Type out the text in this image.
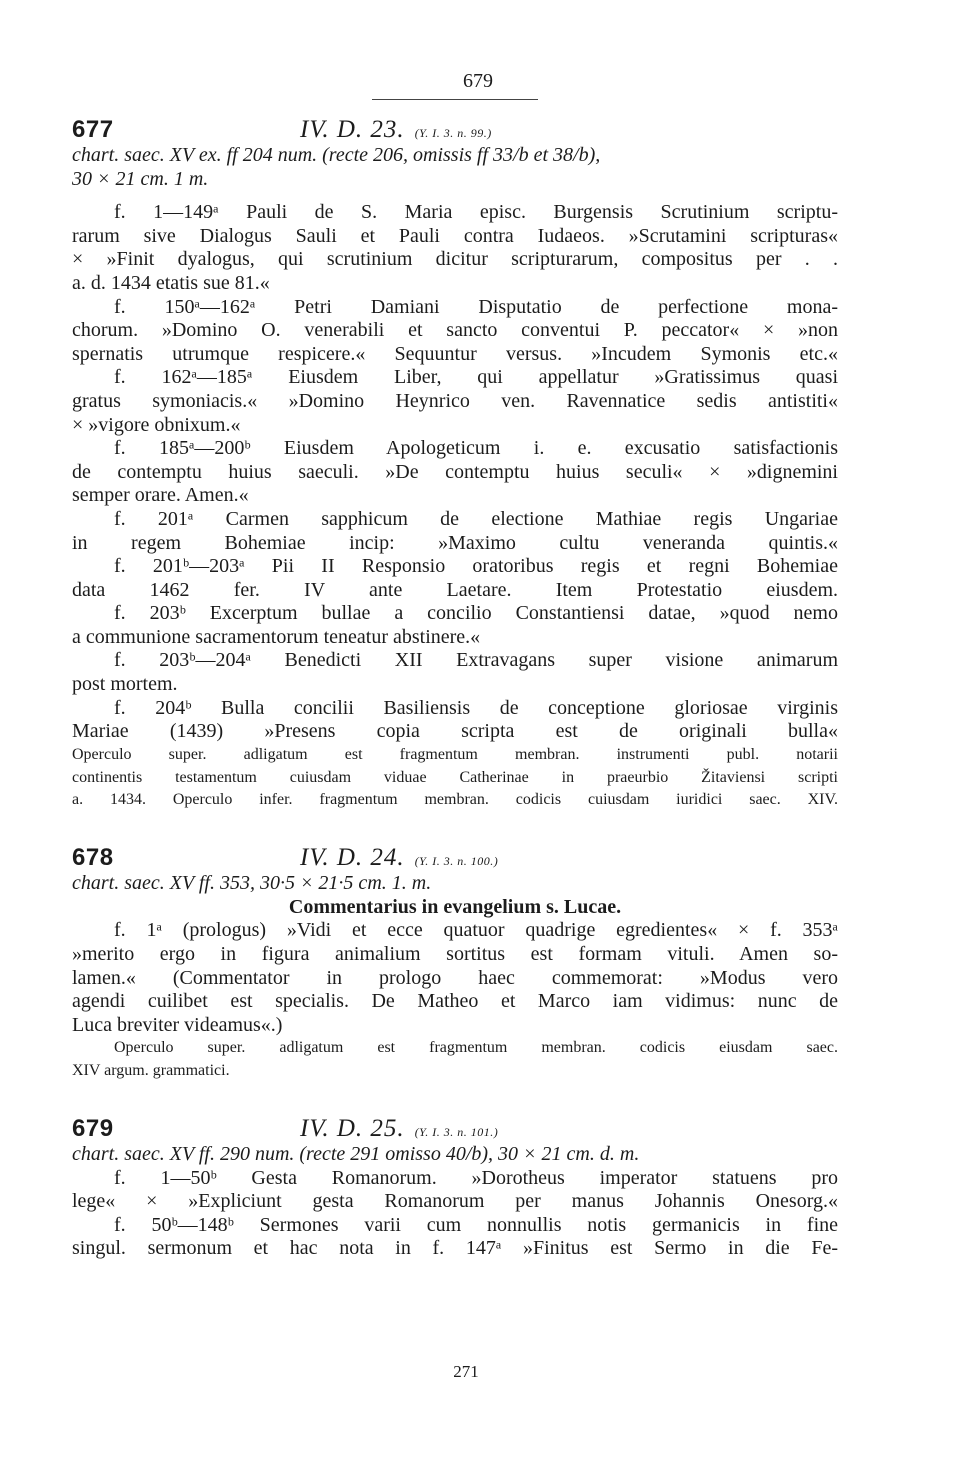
679
677	IV. D. 23. (Y. I. 3. n. 99.)

chart. saec. XV ex. ff 204 num. (recte 206, omissis ff 33/b et 38/b),

30 × 21 cm. 1 m.

f. 1—149ᵃ Pauli de S. Maria episc. Burgensis Scrutinium scriptu-

rarum sive Dialogus Sauli et Pauli contra Iudaeos. »Scrutamini scripturas«

× »Finit dyalogus, qui scrutinium dicitur scripturarum, compositus per . .

a. d. 1434 etatis sue 81.«

f. 150ᵃ—162ᵃ Petri Damiani Disputatio de perfectione mona-

chorum. »Domino O. venerabili et sancto conventui P. peccator« × »non

spernatis utrumque respicere.« Sequuntur versus. »Incudem Symonis etc.«

f. 162ᵃ—185ᵃ Eiusdem Liber, qui appellatur »Gratissimus quasi

gratus symoniacis.« »Domino Heynrico ven. Ravennatice sedis antistiti«

× »vigore obnixum.«

f. 185ᵃ—200ᵇ Eiusdem Apologeticum i. e. excusatio satisfactionis

de contemptu huius saeculi. »De contemptu huius seculi« × »dignemini

semper orare. Amen.«

f. 201ᵃ Carmen sapphicum de electione Mathiae regis Ungariae

in regem Bohemiae incip: »Maximo cultu veneranda quintis.«

f. 201ᵇ—203ᵃ Pii II Responsio oratoribus regis et regni Bohemiae

data 1462 fer. IV ante Laetare. Item Protestatio eiusdem.

f. 203ᵇ Excerptum bullae a concilio Constantiensi datae, »quod nemo

a communione sacramentorum teneatur abstinere.«

f. 203ᵇ—204ᵃ Benedicti XII Extravagans super visione animarum

post mortem.

f. 204ᵇ Bulla concilii Basiliensis de conceptione gloriosae virginis

Mariae (1439) »Presens copia scripta est de originali bulla«

Operculo super. adligatum est fragmentum membran. instrumenti publ. notarii

continentis testamentum cuiusdam viduae Catherinae in praeurbio Žitaviensi scripti

a. 1434. Operculo infer. fragmentum membran. codicis cuiusdam iuridici saec. XIV.

678	IV. D. 24. (Y. I. 3. n. 100.)

chart. saec. XV ff. 353, 30·5 × 21·5 cm. 1. m.

Commentarius in evangelium s. Lucae.

f. 1ᵃ (prologus) »Vidi et ecce quatuor quadrige egredientes« × f. 353ᵃ

»merito ergo in figura animalium sortitus est formam vituli. Amen so-

lamen.« (Commentator in prologo haec commemorat: »Modus vero

agendi cuilibet est specialis. De Matheo et Marco iam vidimus: nunc de

Luca breviter videamus«.)

Operculo super. adligatum est fragmentum membran. codicis eiusdam saec.

XIV argum. grammatici.

679	IV. D. 25. (Y. I. 3. n. 101.)

chart. saec. XV ff. 290 num. (recte 291 omisso 40/b), 30 × 21 cm. d. m.

f. 1—50ᵇ Gesta Romanorum. »Dorotheus imperator statuens pro

lege« × »Expliciunt gesta Romanorum per manus Johannis Onesorg.«

f. 50ᵇ—148ᵇ Sermones varii cum nonnullis notis germanicis in fine

singul. sermonum et hac nota in f. 147ᵃ »Finitus est Sermo in die Fe-

271
